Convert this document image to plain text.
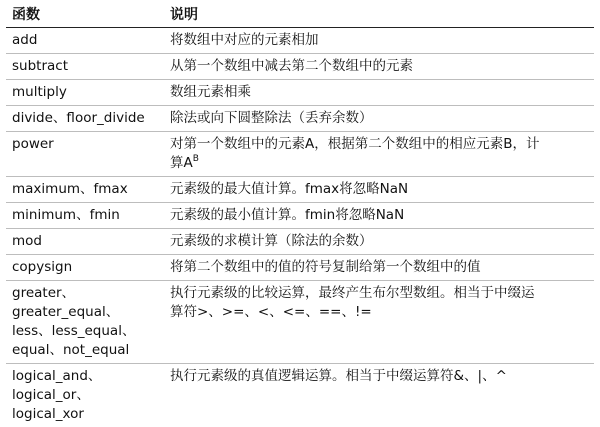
函数	说明
add	将数组中对应的元素相加
subtract	从第一个数组中减去第二个数组中的元素
multiply	数组元素相乘
divide、floor_divide	除法或向下圆整除法（丢弃余数）
power	对第一个数组中的元素A，根据第二个数组中的相应元素B，计
算$A^B$

maximum、fmax	元素级的最大值计算。fmax将忽略NaN
minimum、fmin	元素级的最小值计算。fmin将忽略NaN
mod	元素级的求模计算（除法的余数）
copysign	将第二个数组中的值的符号复制给第一个数组中的值

greater、greater_equal、
less、less_equal、
equal、not_equal	执行元素级的比较运算，最终产生布尔型数组。相当于中缀运
算符>、>=、<、<=、==、!=

logical_and、logical_or、
logical_xor	执行元素级的真值逻辑运算。相当于中缀运算符&、|、^
